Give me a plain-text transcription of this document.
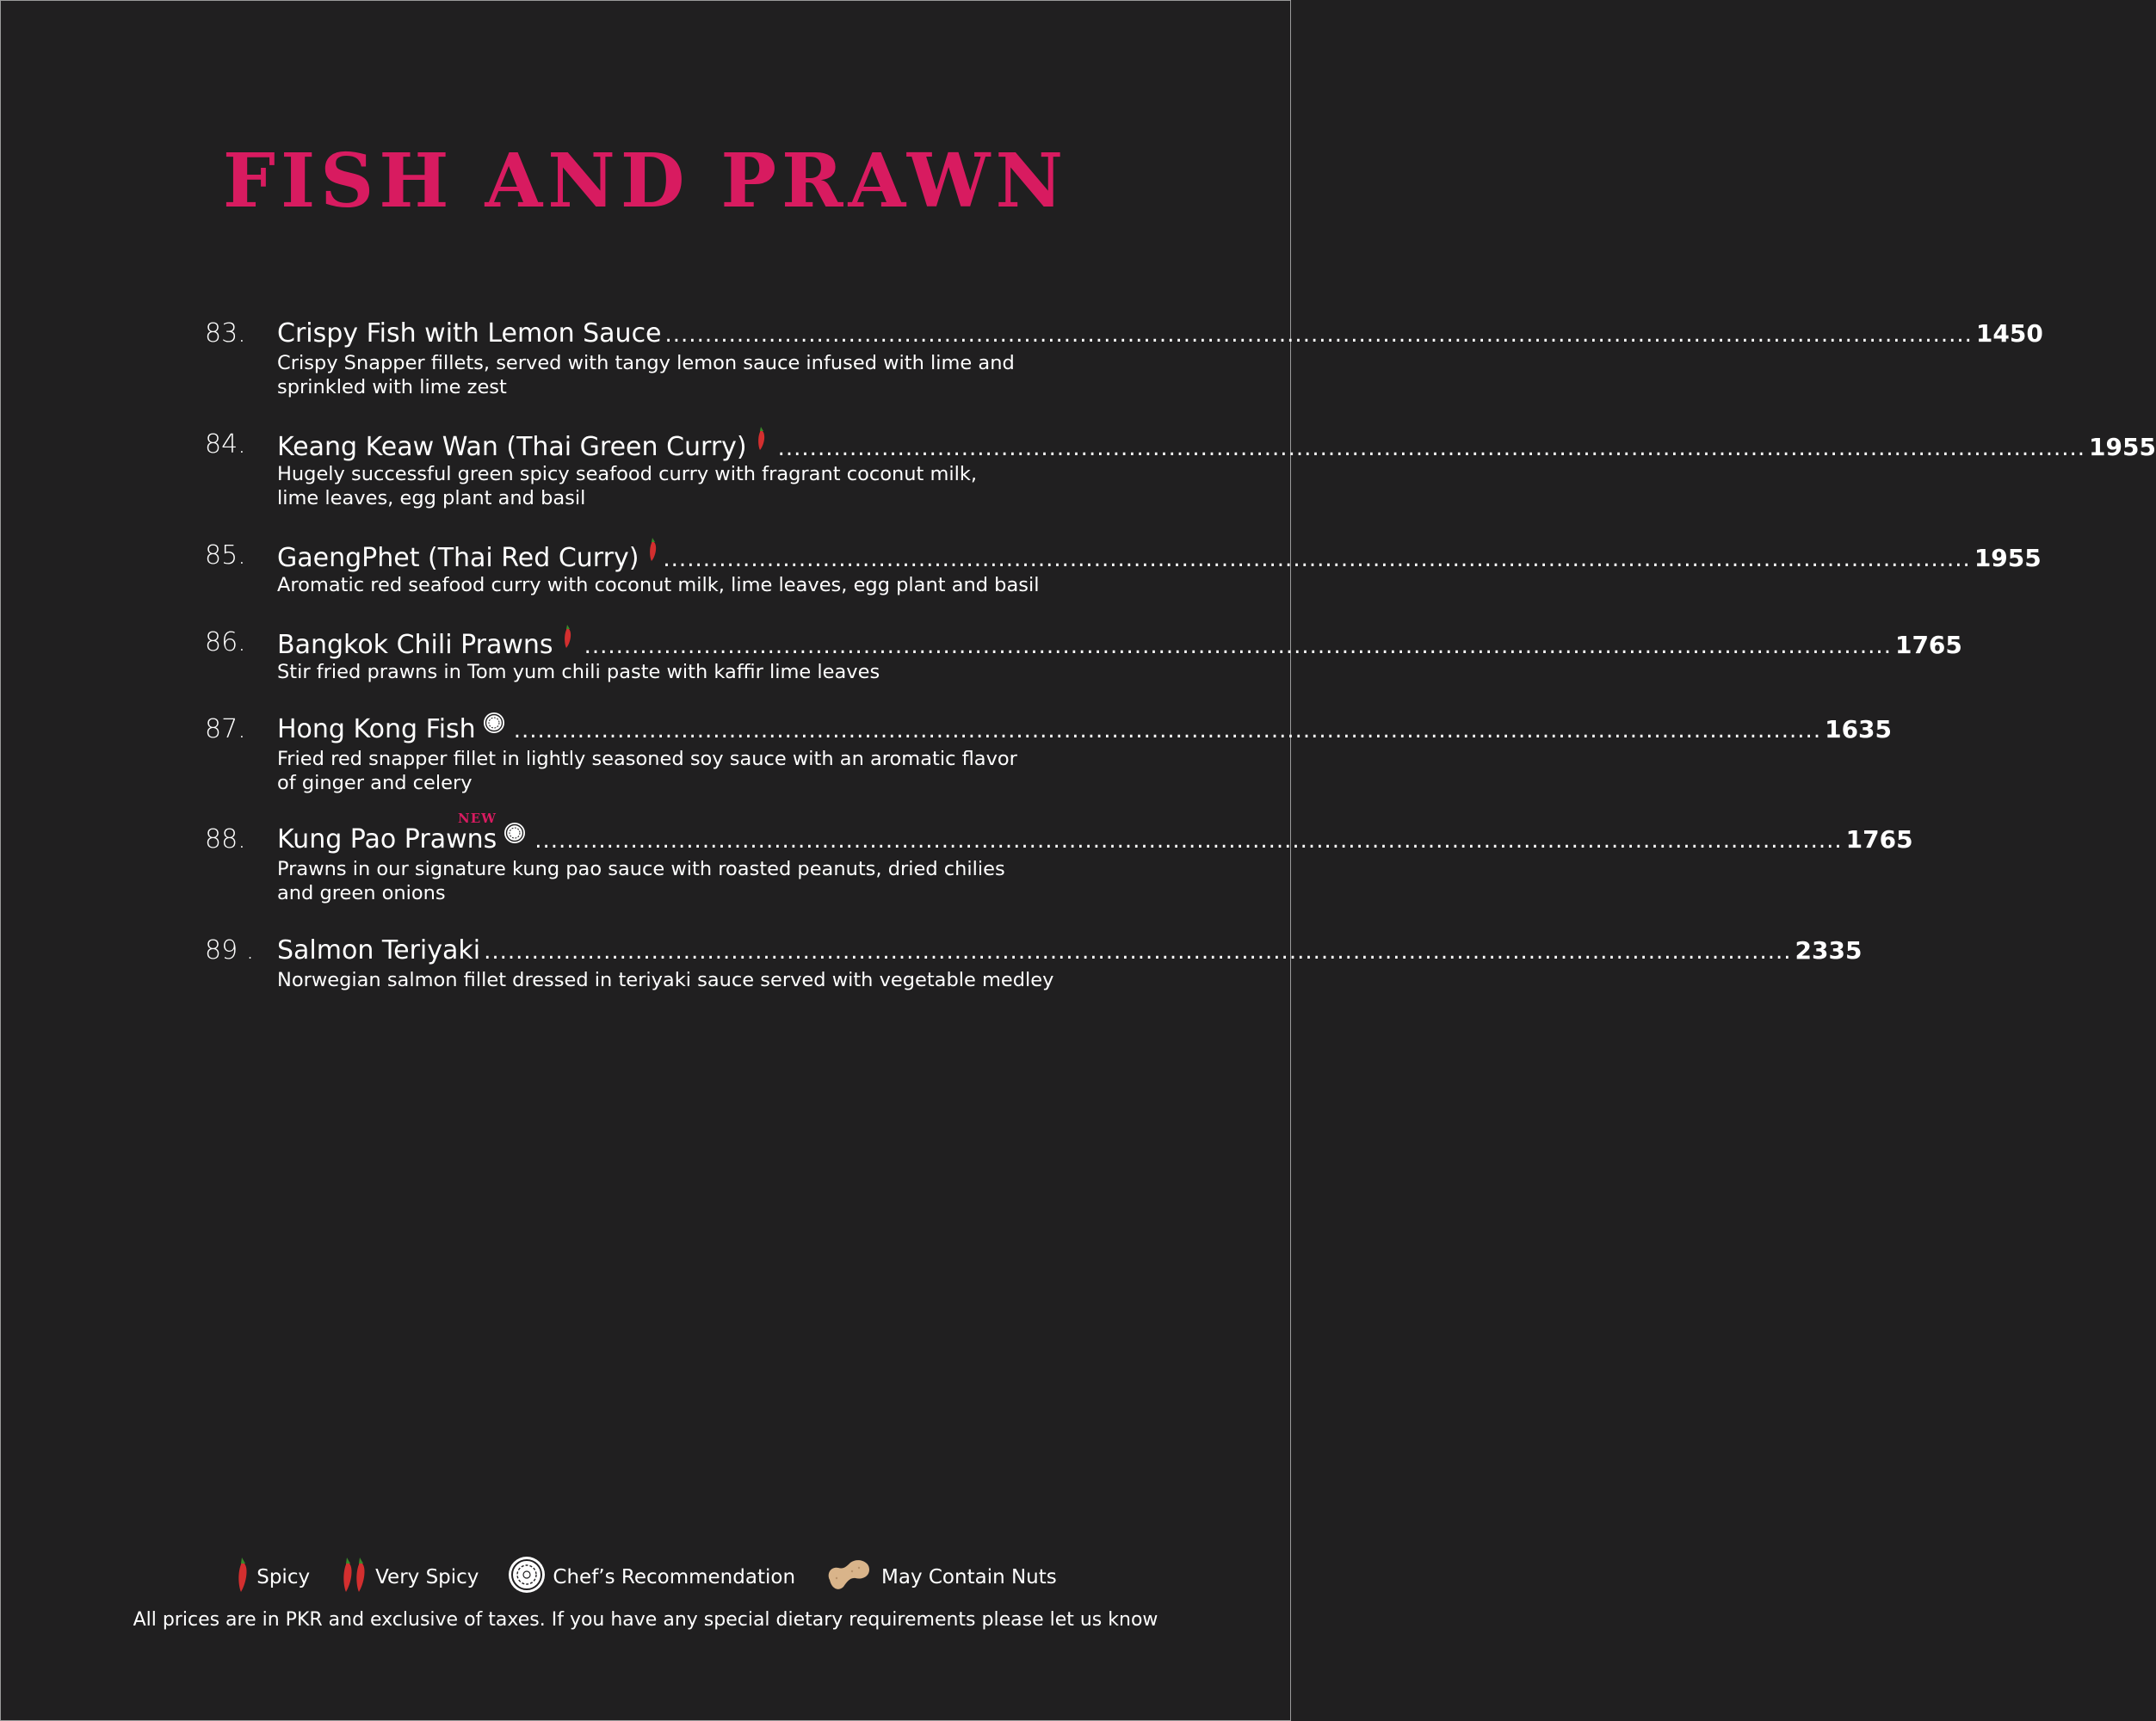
FISH AND PRAWN
83. Crispy Fish with Lemon Sauce .................................................................................................................................................................... 1450
Crispy Snapper fillets, served with tangy lemon sauce infused with lime and
sprinkled with lime zest
84. Keang Keaw Wan (Thai Green Curry) .................................................................................................................................................................... 1955
Hugely successful green spicy seafood curry with fragrant coconut milk,
lime leaves, egg plant and basil
85. GaengPhet (Thai Red Curry) .................................................................................................................................................................... 1955
Aromatic red seafood curry with coconut milk, lime leaves, egg plant and basil
86. Bangkok Chili Prawns .................................................................................................................................................................... 1765
Stir fried prawns in Tom yum chili paste with kaffir lime leaves
87. Hong Kong Fish .................................................................................................................................................................... 1635
Fried red snapper fillet in lightly seasoned soy sauce with an aromatic flavor
of ginger and celery
NEW
88. Kung Pao Prawns .................................................................................................................................................................... 1765
Prawns in our signature kung pao sauce with roasted peanuts, dried chilies
and green onions
89 . Salmon Teriyaki .................................................................................................................................................................... 2335
Norwegian salmon fillet dressed in teriyaki sauce served with vegetable medley
Spicy	Very Spicy	Chef’s Recommendation	May Contain Nuts
All prices are in PKR and exclusive of taxes. If you have any special dietary requirements please let us know
